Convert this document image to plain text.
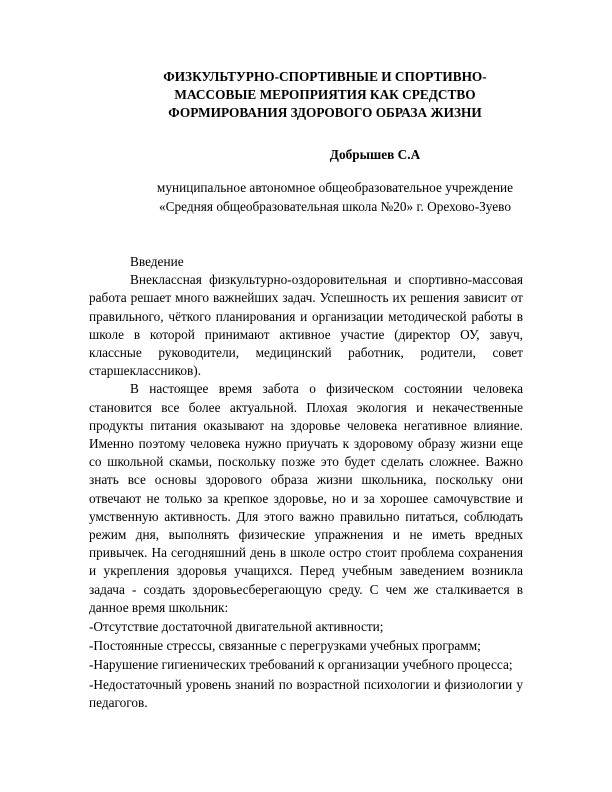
ФИЗКУЛЬТУРНО-СПОРТИВНЫЕ И СПОРТИВНО-
МАССОВЫЕ МЕРОПРИЯТИЯ КАК СРЕДСТВО
ФОРМИРОВАНИЯ ЗДОРОВОГО ОБРАЗА ЖИЗНИ
Добрышев С.А
муниципальное автономное общеобразовательное учреждение
«Средняя общеобразовательная школа №20» г. Орехово-Зуево

Введение

Внеклассная физкультурно-оздоровительная и спортивно-массовая работа решает много важнейших задач. Успешность их решения зависит от правильного, чёткого планирования и организации методической работы в школе в которой принимают активное участие (директор ОУ, завуч, классные руководители, медицинский работник, родители, совет старшеклассников).

В настоящее время забота о физическом состоянии человека становится все более актуальной. Плохая экология и некачественные продукты питания оказывают на здоровье человека негативное влияние. Именно поэтому человека нужно приучать к здоровому образу жизни еще со школьной скамьи, поскольку позже это будет сделать сложнее. Важно знать все основы здорового образа жизни школьника, поскольку они отвечают не только за крепкое здоровье, но и за хорошее самочувствие и умственную активность. Для этого важно правильно питаться, соблюдать режим дня, выполнять физические упражнения и не иметь вредных привычек. На сегодняшний день в школе остро стоит проблема сохранения и укрепления здоровья учащихся. Перед учебным заведением возникла задача - создать здоровьесберегающую среду. С чем же сталкивается в данное время школьник:

-Отсутствие достаточной двигательной активности;

-Постоянные стрессы, связанные с перегрузками учебных программ;

-Нарушение гигиенических требований к организации учебного процесса;

-Недостаточный уровень знаний по возрастной психологии и физиологии у педагогов.
